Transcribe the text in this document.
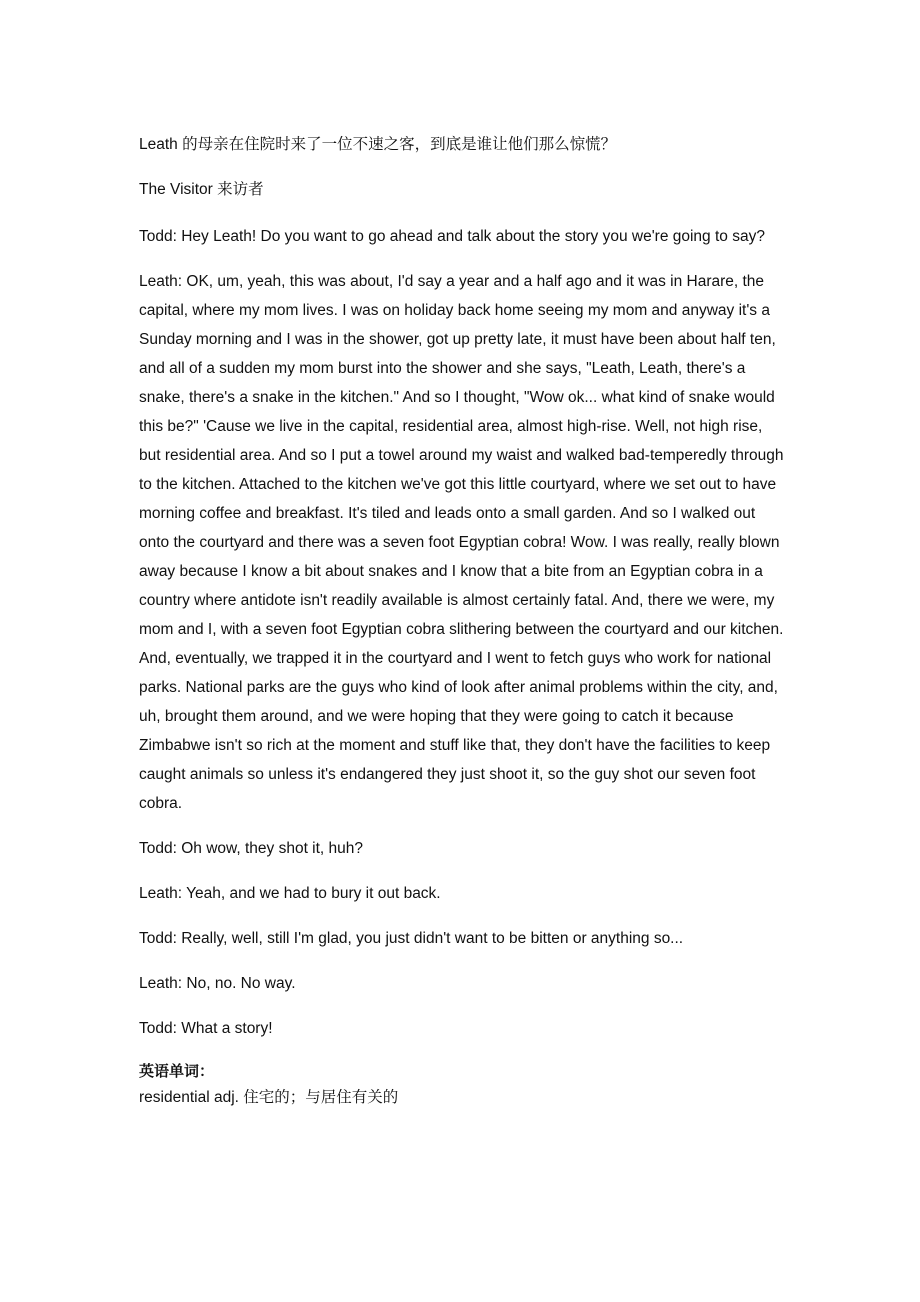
Leath 的母亲在住院时来了一位不速之客，到底是谁让他们那么惊慌？

The Visitor 来访者

Todd: Hey Leath! Do you want to go ahead and talk about the story you we're going to say?

Leath: OK, um, yeah, this was about, I'd say a year and a half ago and it was in Harare, the capital, where my mom lives. I was on holiday back home seeing my mom and anyway it's a Sunday morning and I was in the shower, got up pretty late, it must have been about half ten, and all of a sudden my mom burst into the shower and she says, "Leath, Leath, there's a snake, there's a snake in the kitchen." And so I thought, "Wow ok... what kind of snake would this be?" 'Cause we live in the capital, residential area, almost high-rise. Well, not high rise, but residential area. And so I put a towel around my waist and walked bad-temperedly through to the kitchen. Attached to the kitchen we've got this little courtyard, where we set out to have morning coffee and breakfast. It's tiled and leads onto a small garden. And so I walked out onto the courtyard and there was a seven foot Egyptian cobra! Wow. I was really, really blown away because I know a bit about snakes and I know that a bite from an Egyptian cobra in a country where antidote isn't readily available is almost certainly fatal. And, there we were, my mom and I, with a seven foot Egyptian cobra slithering between the courtyard and our kitchen. And, eventually, we trapped it in the courtyard and I went to fetch guys who work for national parks. National parks are the guys who kind of look after animal problems within the city, and, uh, brought them around, and we were hoping that they were going to catch it because Zimbabwe isn't so rich at the moment and stuff like that, they don't have the facilities to keep caught animals so unless it's endangered they just shoot it, so the guy shot our seven foot cobra.

Todd: Oh wow, they shot it, huh?

Leath: Yeah, and we had to bury it out back.

Todd: Really, well, still I'm glad, you just didn't want to be bitten or anything so...

Leath: No, no. No way.

Todd: What a story!

英语单词：
residential adj. 住宅的；与居住有关的
